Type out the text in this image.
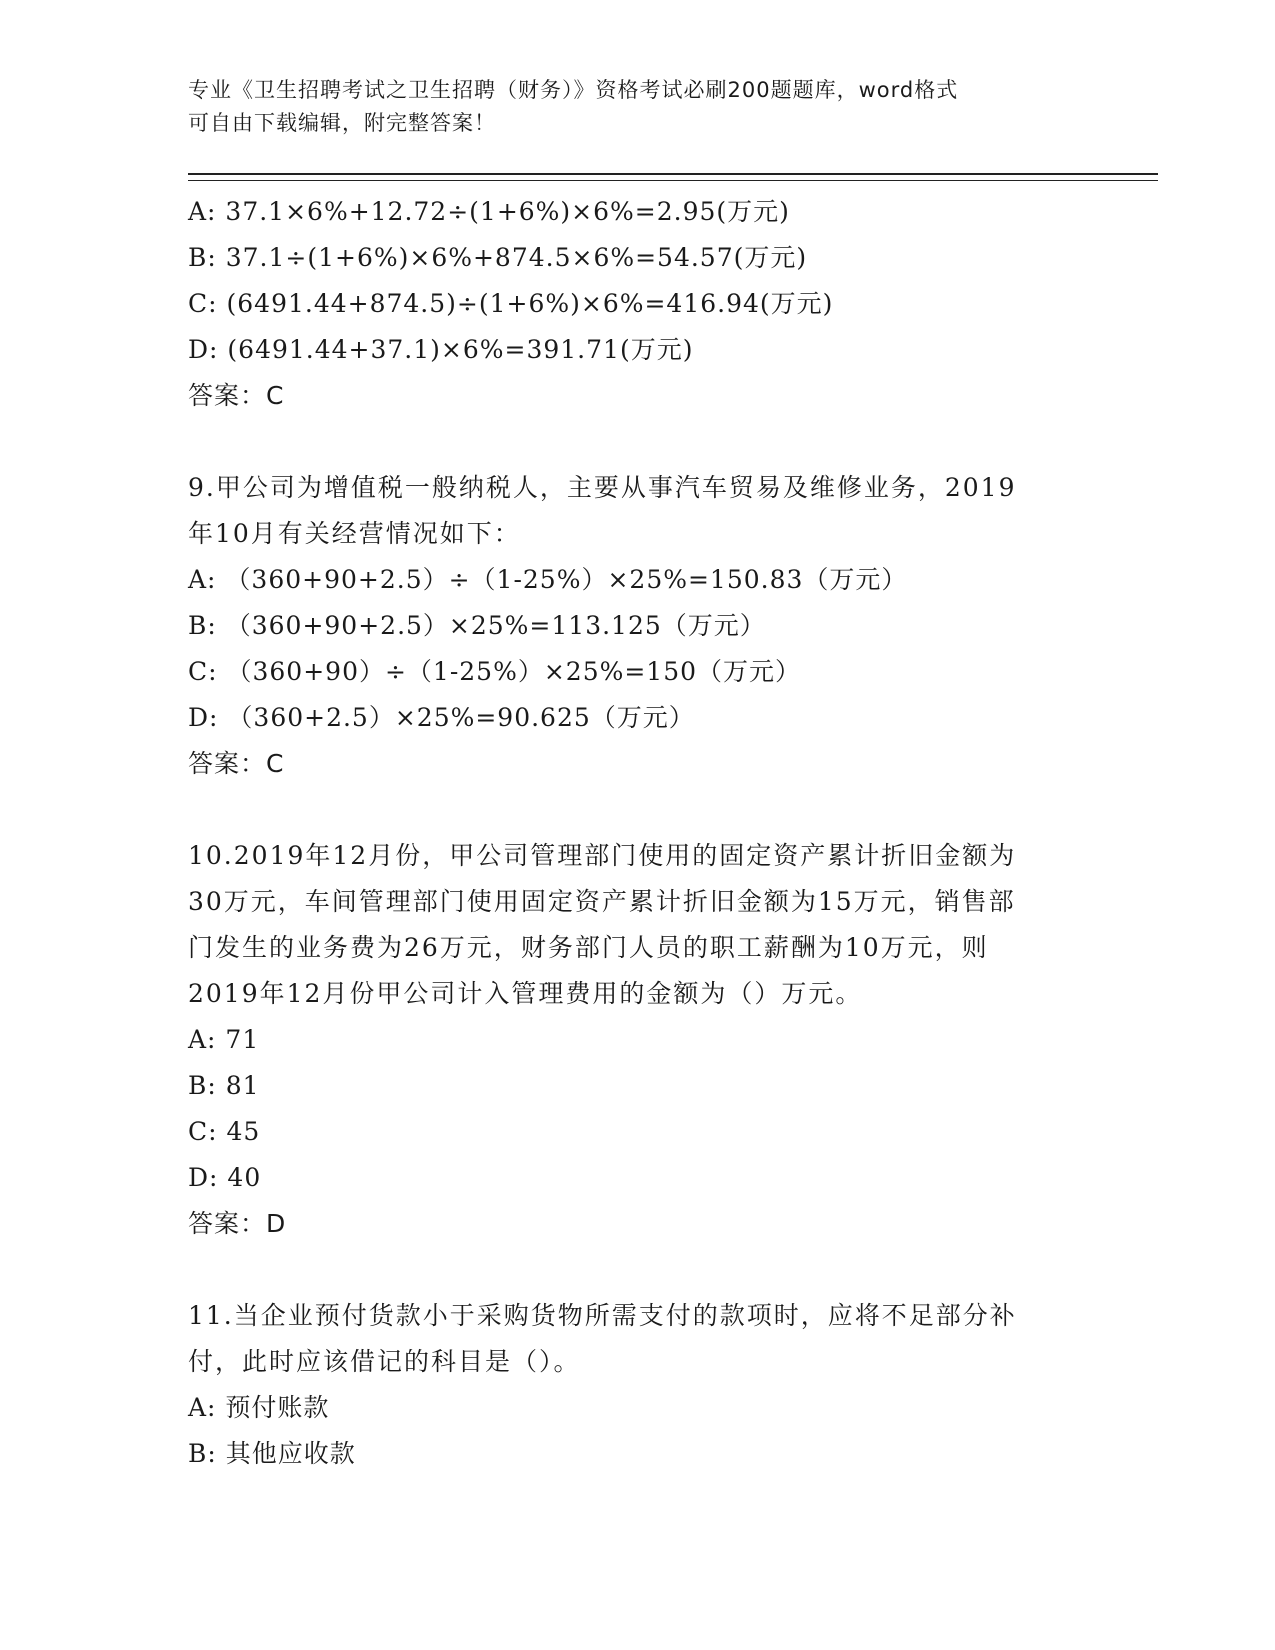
专业《卫生招聘考试之卫生招聘（财务）》资格考试必刷200题题库，word格式
可自由下载编辑，附完整答案！
A: 37.1×6%+12.72÷(1+6%)×6%=2.95(万元)
B: 37.1÷(1+6%)×6%+874.5×6%=54.57(万元)
C: (6491.44+874.5)÷(1+6%)×6%=416.94(万元)
D: (6491.44+37.1)×6%=391.71(万元)
答案：C
9.甲公司为增值税一般纳税人，主要从事汽车贸易及维修业务，2019
年10月有关经营情况如下：
A: （360+90+2.5）÷（1-25%）×25%=150.83（万元）
B: （360+90+2.5）×25%=113.125（万元）
C: （360+90）÷（1-25%）×25%=150（万元）
D: （360+2.5）×25%=90.625（万元）
答案：C
10.2019年12月份，甲公司管理部门使用的固定资产累计折旧金额为
30万元，车间管理部门使用固定资产累计折旧金额为15万元，销售部
门发生的业务费为26万元，财务部门人员的职工薪酬为10万元，则
2019年12月份甲公司计入管理费用的金额为（）万元。
A: 71
B: 81
C: 45
D: 40
答案：D
11.当企业预付货款小于采购货物所需支付的款项时，应将不足部分补
付，此时应该借记的科目是（）。
A: 预付账款
B: 其他应收款
